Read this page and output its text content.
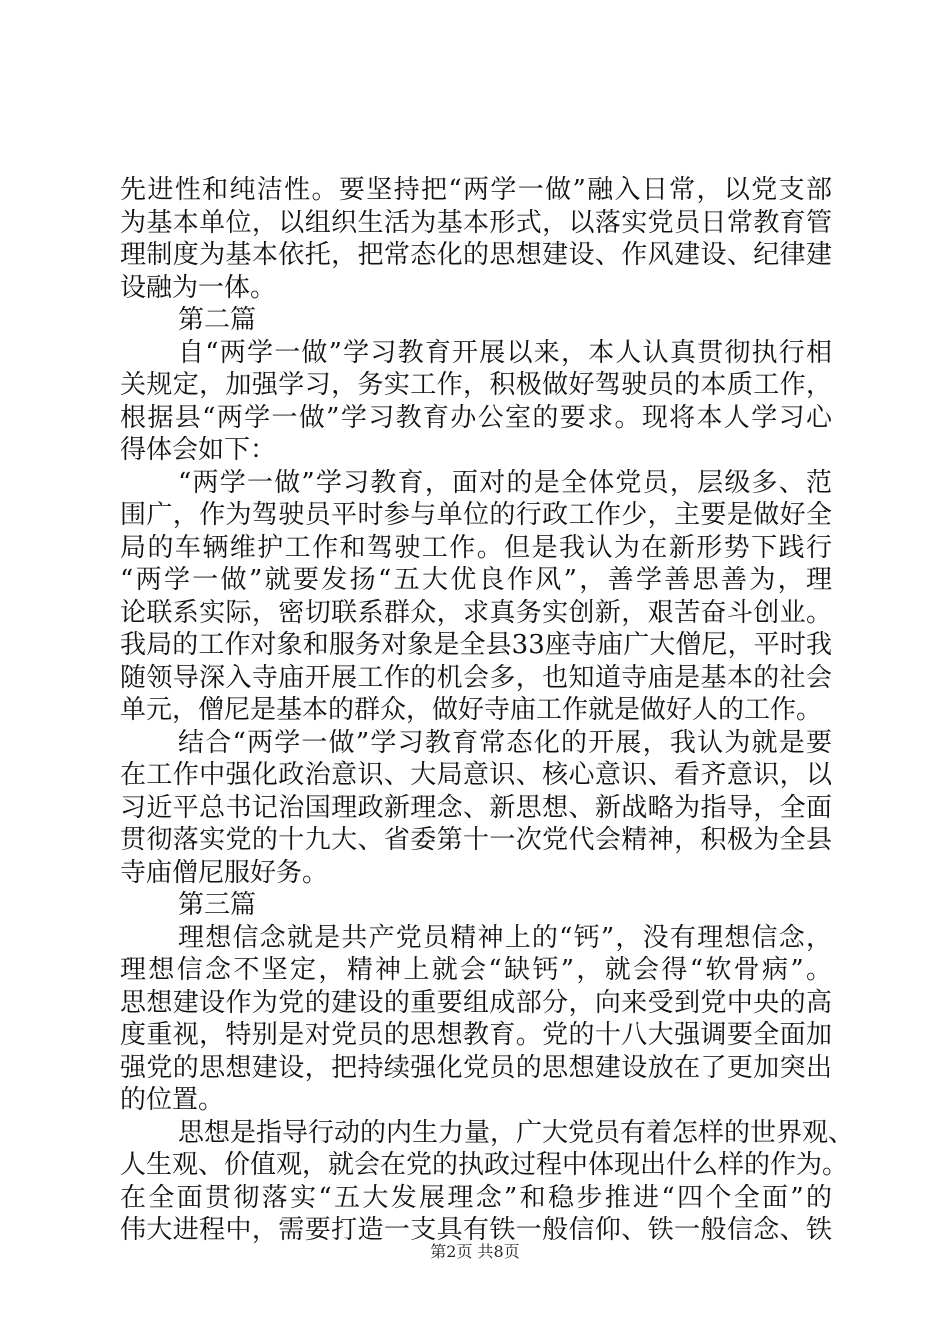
先进性和纯洁性。要坚持把“两学一做”融入日常，以党支部
为基本单位，以组织生活为基本形式，以落实党员日常教育管
理制度为基本依托，把常态化的思想建设、作风建设、纪律建
设融为一体。
第二篇
自“两学一做”学习教育开展以来，本人认真贯彻执行相
关规定，加强学习，务实工作，积极做好驾驶员的本质工作，
根据县“两学一做”学习教育办公室的要求。现将本人学习心
得体会如下：
“两学一做”学习教育，面对的是全体党员，层级多、范
围广，作为驾驶员平时参与单位的行政工作少，主要是做好全
局的车辆维护工作和驾驶工作。但是我认为在新形势下践行
“两学一做”就要发扬“五大优良作风”，善学善思善为，理
论联系实际，密切联系群众，求真务实创新，艰苦奋斗创业。
我局的工作对象和服务对象是全县33座寺庙广大僧尼，平时我
随领导深入寺庙开展工作的机会多，也知道寺庙是基本的社会
单元，僧尼是基本的群众，做好寺庙工作就是做好人的工作。
结合“两学一做”学习教育常态化的开展，我认为就是要
在工作中强化政治意识、大局意识、核心意识、看齐意识，以
习近平总书记治国理政新理念、新思想、新战略为指导，全面
贯彻落实党的十九大、省委第十一次党代会精神，积极为全县
寺庙僧尼服好务。
第三篇
理想信念就是共产党员精神上的“钙”，没有理想信念，
理想信念不坚定，精神上就会“缺钙”，就会得“软骨病”。
思想建设作为党的建设的重要组成部分，向来受到党中央的高
度重视，特别是对党员的思想教育。党的十八大强调要全面加
强党的思想建设，把持续强化党员的思想建设放在了更加突出
的位置。
思想是指导行动的内生力量，广大党员有着怎样的世界观、
人生观、价值观，就会在党的执政过程中体现出什么样的作为。
在全面贯彻落实“五大发展理念”和稳步推进“四个全面”的
伟大进程中，需要打造一支具有铁一般信仰、铁一般信念、铁
第2页 共8页
